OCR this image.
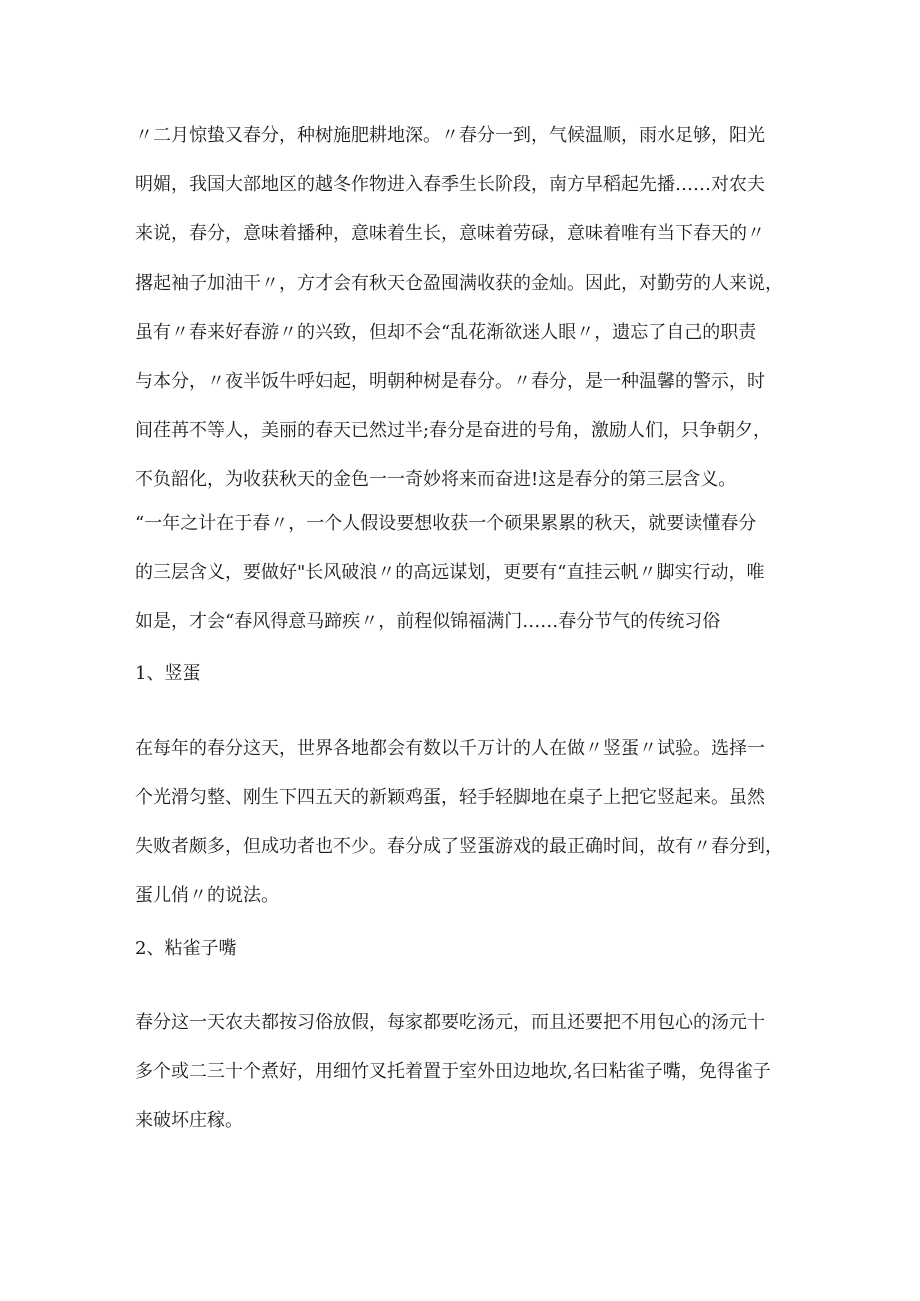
〃二月惊蛰又春分，种树施肥耕地深。〃春分一到，气候温顺，雨水足够，阳光
明媚，我国大部地区的越冬作物进入春季生长阶段，南方早稻起先播……对农夫
来说，春分，意味着播种，意味着生长，意味着劳碌，意味着唯有当下春天的〃
撂起袖子加油干〃，方才会有秋天仓盈囤满收获的金灿。因此，对勤劳的人来说，
虽有〃春来好春游〃的兴致，但却不会“乱花渐欲迷人眼〃，遗忘了自己的职责
与本分，〃夜半饭牛呼妇起，明朝种树是春分。〃春分，是一种温馨的警示，时
间荏苒不等人，美丽的春天已然过半;春分是奋进的号角，激励人们，只争朝夕，
不负韶化，为收获秋天的金色一一奇妙将来而奋进!这是春分的第三层含义。
“一年之计在于春〃，一个人假设要想收获一个硕果累累的秋天，就要读懂春分
的三层含义，要做好"长风破浪〃的高远谋划，更要有“直挂云帆〃脚实行动，唯
如是，才会“春风得意马蹄疾〃，前程似锦福满门……春分节气的传统习俗
1、竖蛋
在每年的春分这天，世界各地都会有数以千万计的人在做〃竖蛋〃试验。选择一
个光滑匀整、刚生下四五天的新颖鸡蛋，轻手轻脚地在桌子上把它竖起来。虽然
失败者颇多，但成功者也不少。春分成了竖蛋游戏的最正确时间，故有〃春分到，
蛋儿俏〃的说法。
2、粘雀子嘴
春分这一天农夫都按习俗放假，每家都要吃汤元，而且还要把不用包心的汤元十
多个或二三十个煮好，用细竹叉托着置于室外田边地坎,名曰粘雀子嘴，免得雀子
来破坏庄稼。
